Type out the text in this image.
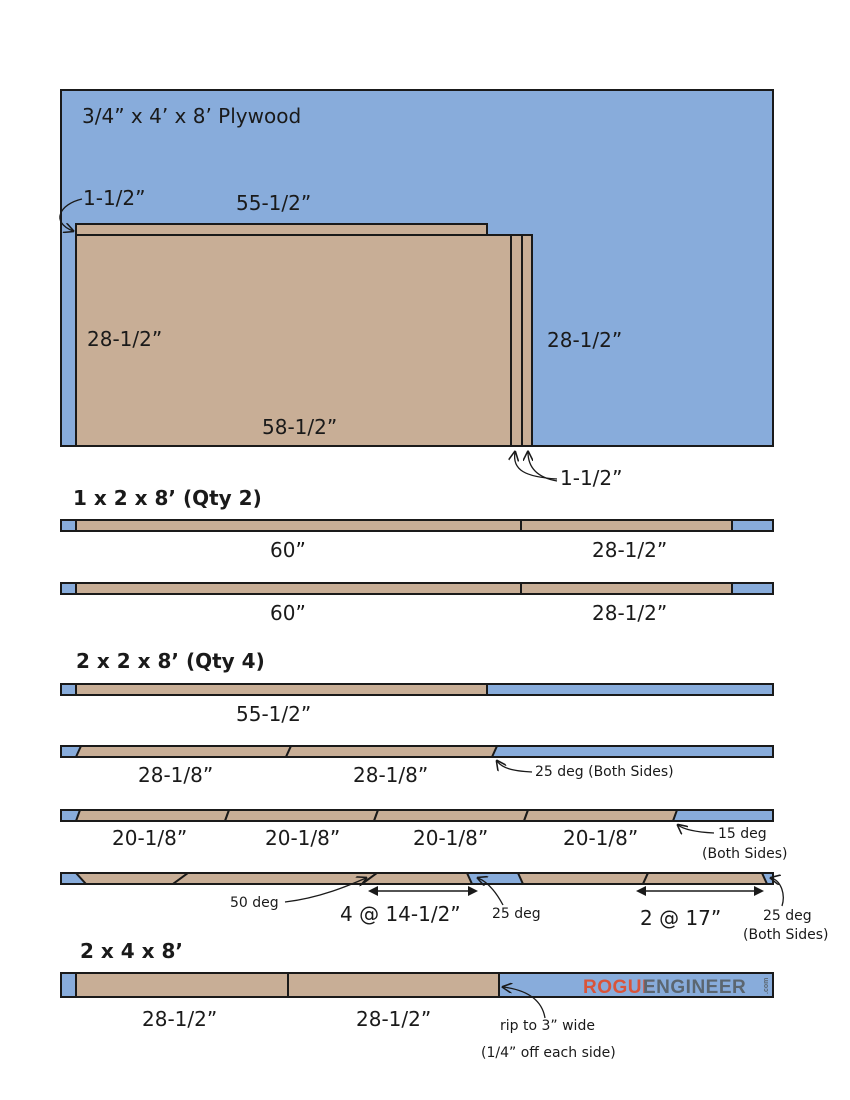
3/4” x 4’ x 8’ Plywood
1-1/2”	55-1/2”
28-1/2”
58-1/2”
28-1/2”
1-1/2”
1 x 2 x 8’ (Qty 2)
60”	28-1/2”
60”	28-1/2”
2 x 2 x 8’ (Qty 4)
55-1/2”
28-1/8”	28-1/8”	25 deg (Both Sides)
20-1/8”	20-1/8”	20-1/8”	20-1/8”	15 deg
(Both Sides)
50 deg	4 @ 14-1/2” 25 deg	2 @ 17”	25 deg
(Both Sides)
2 x 4 x 8’
28-1/2”	28-1/2”	rip to 3” wide
(1/4” off each side)
ROGUE
ENGINEER .com
